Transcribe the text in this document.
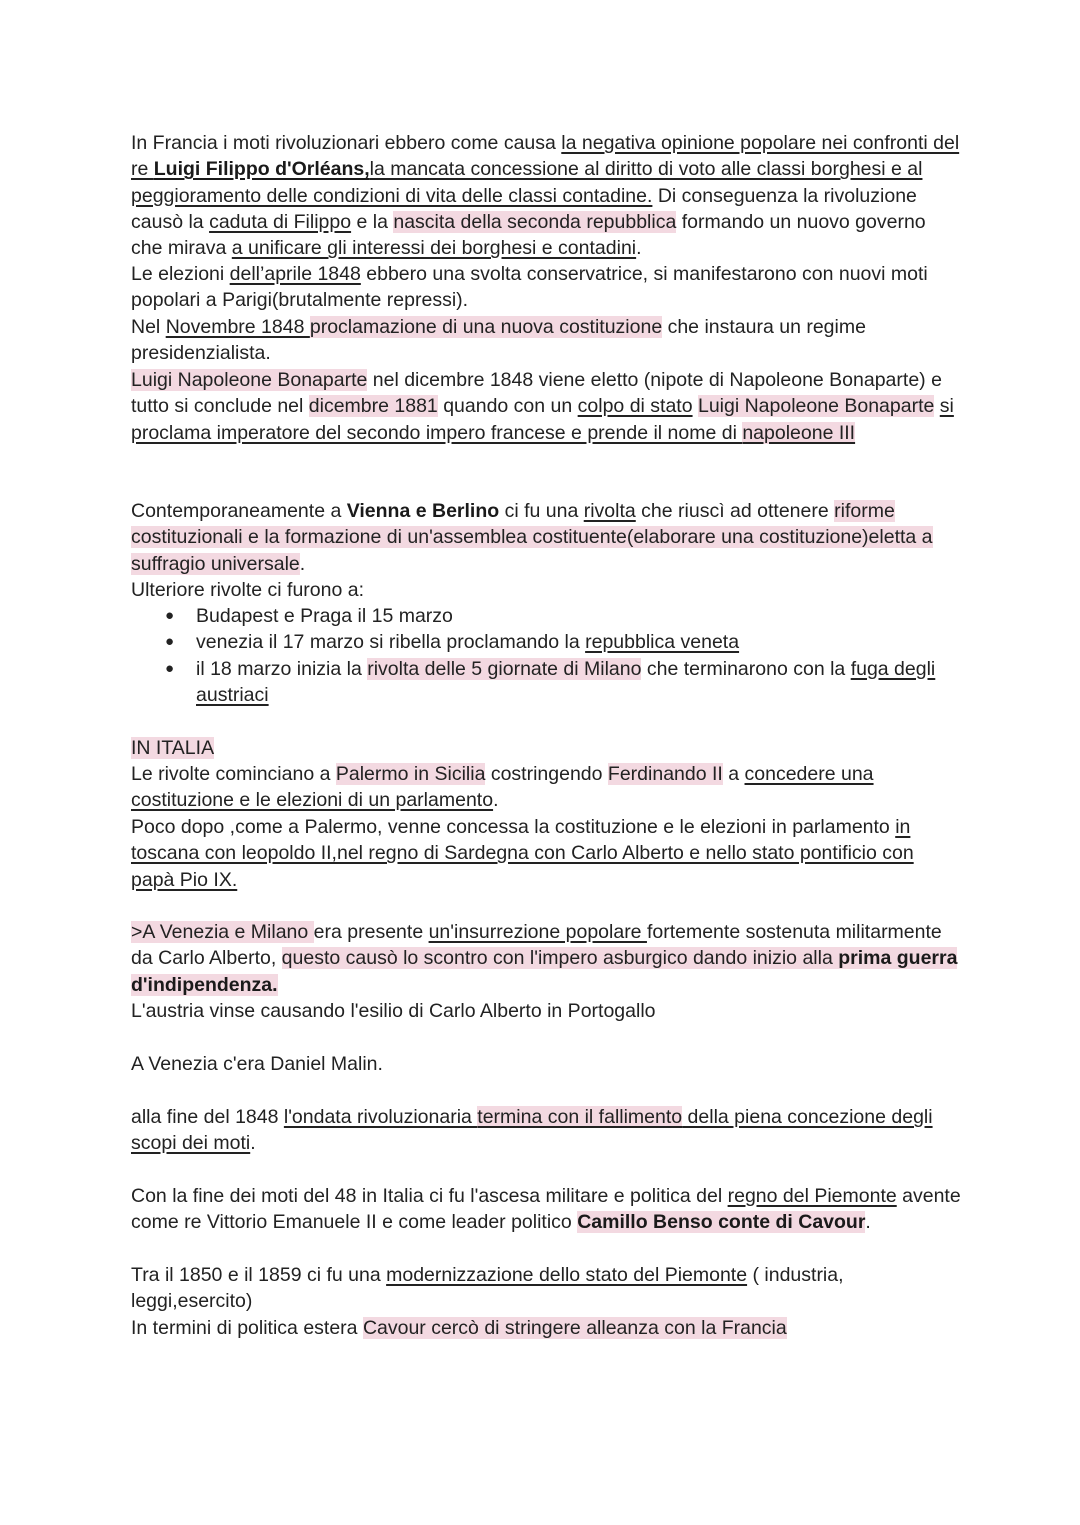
In Francia i moti rivoluzionari ebbero come causa la negativa opinione popolare nei confronti del re Luigi Filippo d'Orléans,la mancata concessione al diritto di voto alle classi borghesi e al peggioramento delle condizioni di vita delle classi contadine. Di conseguenza la rivoluzione causò la caduta di Filippo e la nascita della seconda repubblica formando un nuovo governo che mirava a unificare gli interessi dei borghesi e contadini.

Le elezioni dell’aprile 1848 ebbero una svolta conservatrice, si manifestarono con nuovi moti popolari a Parigi(brutalmente repressi).

Nel Novembre 1848 proclamazione di una nuova costituzione che instaura un regime presidenzialista.

Luigi Napoleone Bonaparte nel dicembre 1848 viene eletto (nipote di Napoleone Bonaparte) e tutto si conclude nel dicembre 1881 quando con un colpo di stato Luigi Napoleone Bonaparte si proclama imperatore del secondo impero francese e prende il nome di napoleone III

Contemporaneamente a Vienna e Berlino ci fu una rivolta che riuscì ad ottenere riforme costituzionali e la formazione di un'assemblea costituente(elaborare una costituzione)eletta a suffragio universale.

Ulteriore rivolte ci furono a:

● Budapest e Praga il 15 marzo
● venezia il 17 marzo si ribella proclamando la repubblica veneta
● il 18 marzo inizia la rivolta delle 5 giornate di Milano che terminarono con la fuga degli austriaci

IN ITALIA

Le rivolte cominciano a Palermo in Sicilia costringendo Ferdinando II a concedere una costituzione e le elezioni di un parlamento.

Poco dopo ,come a Palermo, venne concessa la costituzione e le elezioni in parlamento in toscana con leopoldo II,nel regno di Sardegna con Carlo Alberto e nello stato pontificio con papà Pio IX.

>A Venezia e Milano era presente un'insurrezione popolare fortemente sostenuta militarmente da Carlo Alberto, questo causò lo scontro con l'impero asburgico dando inizio alla prima guerra d'indipendenza.

L'austria vinse causando l'esilio di Carlo Alberto in Portogallo

A Venezia c'era Daniel Malin.

alla fine del 1848 l'ondata rivoluzionaria termina con il fallimento della piena concezione degli scopi dei moti.

Con la fine dei moti del 48 in Italia ci fu l'ascesa militare e politica del regno del Piemonte avente come re Vittorio Emanuele II e come leader politico Camillo Benso conte di Cavour.

Tra il 1850 e il 1859 ci fu una modernizzazione dello stato del Piemonte ( industria, leggi,esercito)

In termini di politica estera Cavour cercò di stringere alleanza con la Francia
